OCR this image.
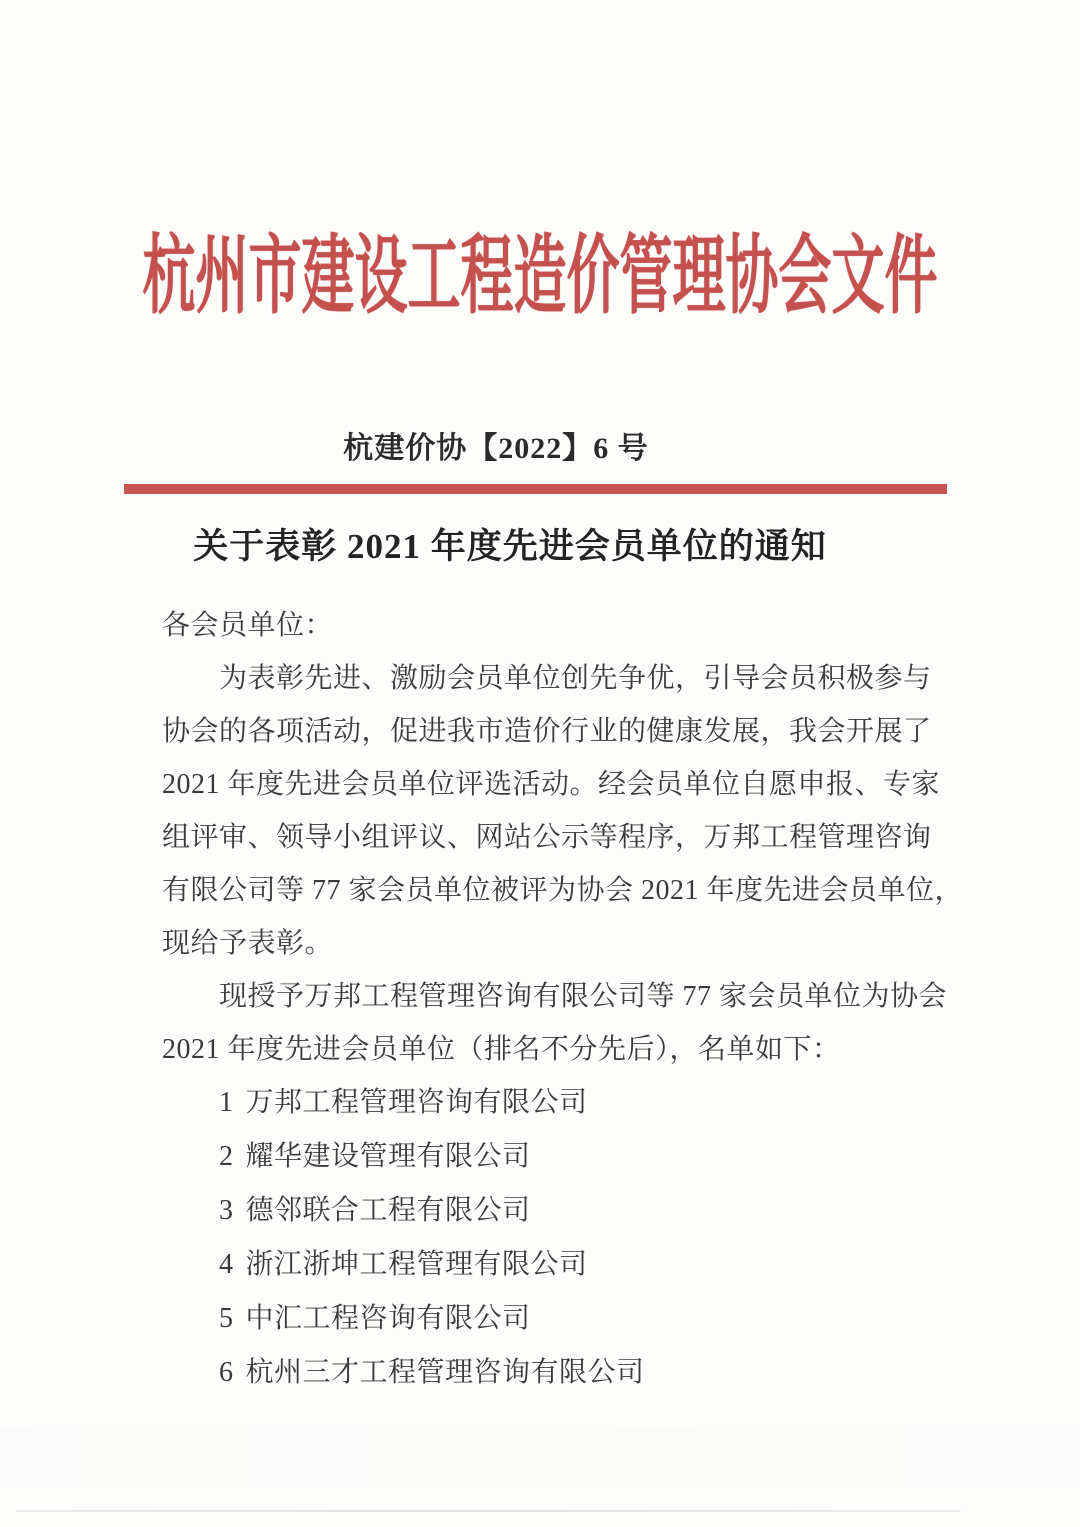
杭州市建设工程造价管理协会文件
杭建价协【2022】6 号
关于表彰 2021 年度先进会员单位的通知
各会员单位：
为表彰先进、激励会员单位创先争优，引导会员积极参与
协会的各项活动，促进我市造价行业的健康发展，我会开展了
2021 年度先进会员单位评选活动。经会员单位自愿申报、专家
组评审、领导小组评议、网站公示等程序，万邦工程管理咨询
有限公司等 77 家会员单位被评为协会 2021 年度先进会员单位，
现给予表彰。
现授予万邦工程管理咨询有限公司等 77 家会员单位为协会
2021 年度先进会员单位（排名不分先后），名单如下：
1 万邦工程管理咨询有限公司
2 耀华建设管理有限公司
3 德邻联合工程有限公司
4 浙江浙坤工程管理有限公司
5 中汇工程咨询有限公司
6 杭州三才工程管理咨询有限公司
